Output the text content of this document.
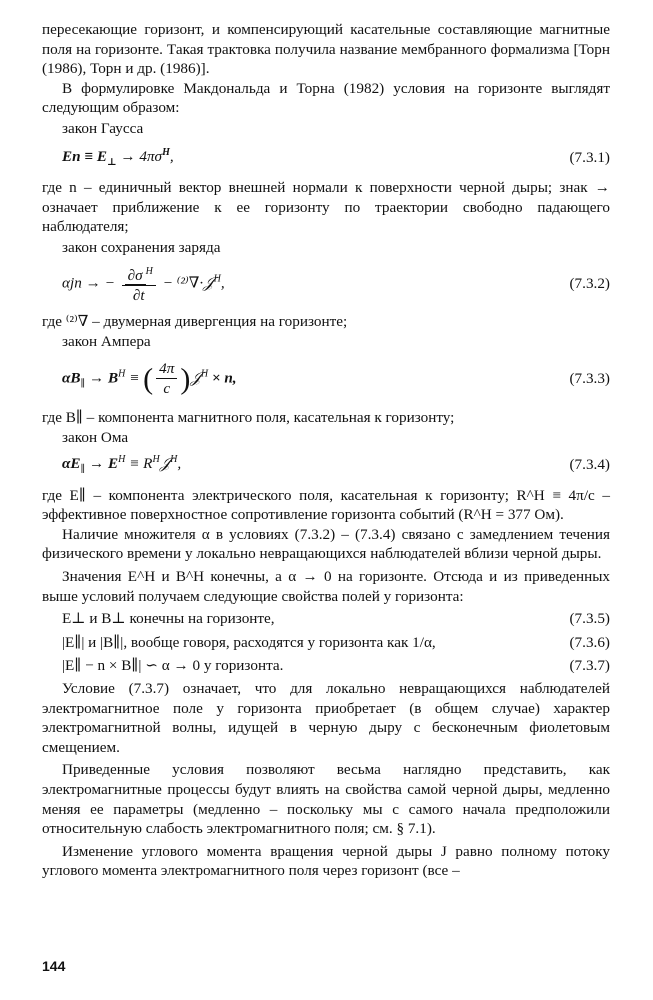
пересекающие горизонт, и компенсирующий касательные составляющие магнитные поля на горизонте. Такая трактовка получила название мембранного формализма [Торн (1986), Торн и др. (1986)].

В формулировке Макдональда и Торна (1982) условия на горизонте выглядят следующим образом:

закон Гаусса
$En \equiv E_\perp \to 4\pi\sigma^H$,	(7.3.1)

где n – единичный вектор внешней нормали к поверхности черной дыры; знак → означает приближение к ее горизонту по траектории свободно падающего наблюдателя;

закон сохранения заряда
αjn → − $\frac{\partial\sigma ^H}{\partial t}$ − ⁽²⁾∇·𝒥$^H$,	(7.3.2)

где ⁽²⁾∇ – двумерная дивергенция на горизонте;

закон Ампера
$\alpha B_\parallel \to B^H$ ≡ ( $\frac{4\pi}{c}$ )𝒥$^H$ × n,	(7.3.3)

где B∥ – компонента магнитного поля, касательная к горизонту;

закон Ома
$\alpha E_\parallel \to E^H$ ≡ $R^H𝒥^H$,	(7.3.4)

где E∥ – компонента электрического поля, касательная к горизонту; R^H ≡ 4π/c – эффективное поверхностное сопротивление горизонта событий (R^H = 377 Ом).

Наличие множителя α в условиях (7.3.2) – (7.3.4) связано с замедлением течения физического времени у локально невращающихся наблюдателей вблизи черной дыры.

Значения E^H и B^H конечны, а α → 0 на горизонте. Отсюда и из приведенных выше условий получаем следующие свойства полей у горизонта:

E⊥ и B⊥ конечны на горизонте,	(7.3.5)
|E∥| и |B∥|, вообще говоря, расходятся у горизонта как 1/α,	(7.3.6)
|E∥ − n × B∥| ∽ α → 0 у горизонта.	(7.3.7)

Условие (7.3.7) означает, что для локально невращающихся наблюдателей электромагнитное поле у горизонта приобретает (в общем случае) характер электромагнитной волны, идущей в черную дыру с бесконечным фиолетовым смещением.

Приведенные условия позволяют весьма наглядно представить, как электромагнитные процессы будут влиять на свойства самой черной дыры, медленно меняя ее параметры (медленно – поскольку мы с самого начала предположили относительную слабость электромагнитного поля; см. § 7.1).

Изменение углового момента вращения черной дыры J равно полному потоку углового момента электромагнитного поля через горизонт (все –

144
